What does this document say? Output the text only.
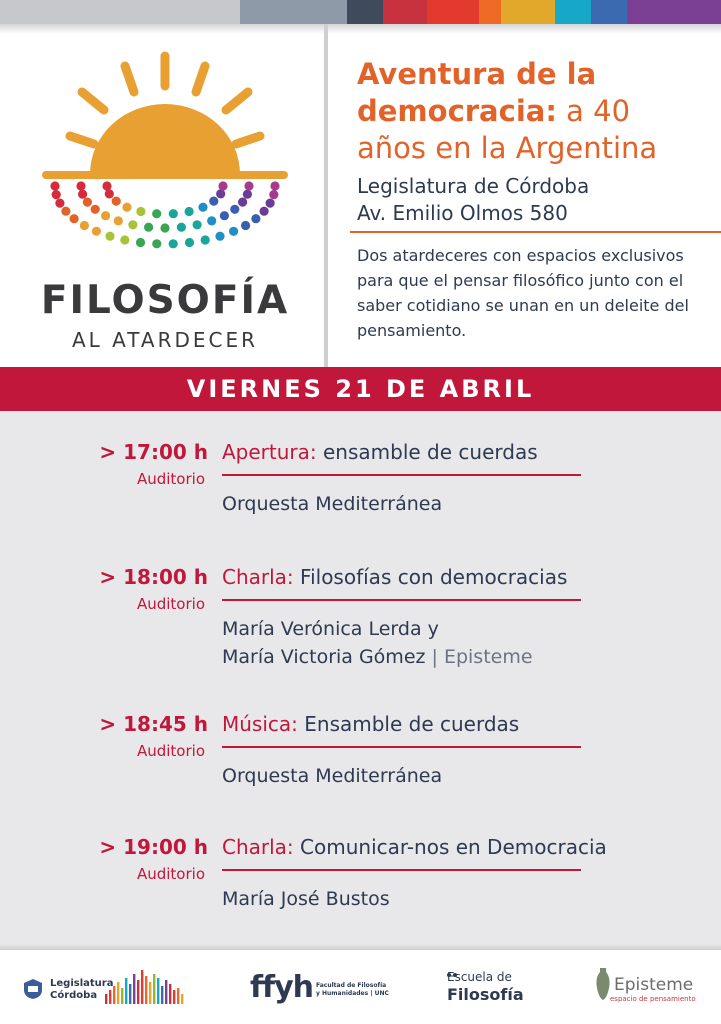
FILOSOFÍA
AL ATARDECER
Aventura de la democracia: a 40 años en la Argentina
Legislatura de Córdoba
Av. Emilio Olmos 580
Dos atardeceres con espacios exclusivos para que el pensar filosófico junto con el saber cotidiano se unan en un deleite del pensamiento.
VIERNES 21 DE ABRIL
> 17:00 h
Auditorio
Apertura: ensamble de cuerdas
Orquesta Mediterránea
> 18:00 h
Auditorio
Charla: Filosofías con democracias
María Verónica Lerda y
María Victoria Gómez | Episteme
> 18:45 h
Auditorio
Música: Ensamble de cuerdas
Orquesta Mediterránea
> 19:00 h
Auditorio
Charla: Comunicar-nos en Democracia
María José Bustos
Legislatura
Córdoba	ffyh Facultad de Filosofía
y Humanidades | UNC
Escuela de
Filosofía	Episteme
espacio de pensamiento
